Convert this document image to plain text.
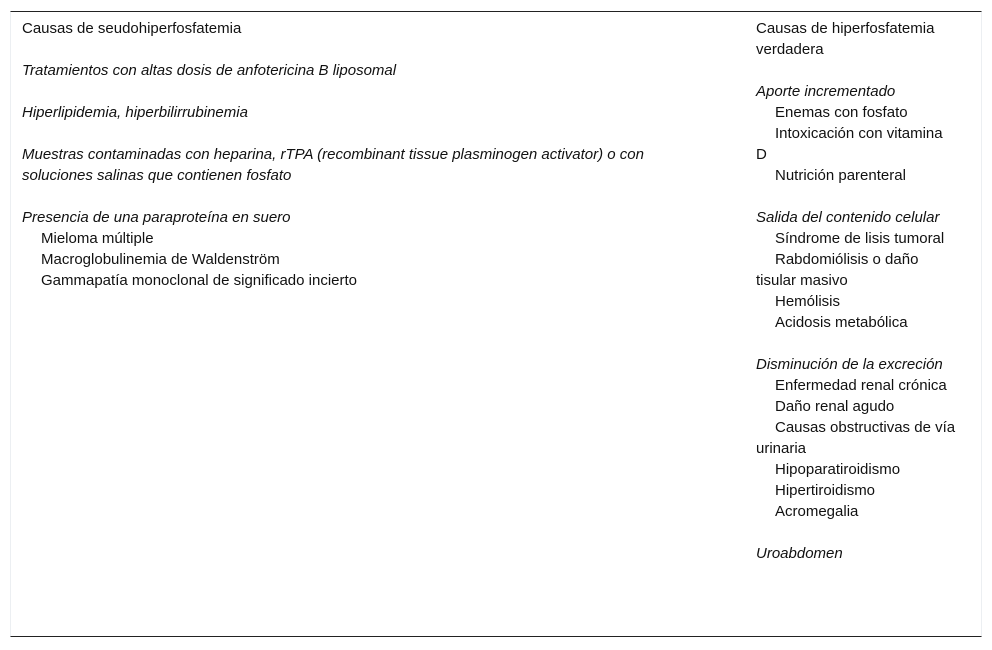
Causas de seudohiperfosfatemia
Tratamientos con altas dosis de anfotericina B liposomal
Hiperlipidemia, hiperbilirrubinemia
Muestras contaminadas con heparina, rTPA (recombinant tissue plasminogen activator) o con soluciones salinas que contienen fosfato
Presencia de una paraproteína en suero
Mieloma múltiple
Macroglobulinemia de Waldenström
Gammapatía monoclonal de significado incierto
Causas de hiperfosfatemia verdadera
Aporte incrementado
Enemas con fosfato
Intoxicación con vitamina D
Nutrición parenteral
Salida del contenido celular
Síndrome de lisis tumoral
Rabdomiólisis o daño tisular masivo
Hemólisis
Acidosis metabólica
Disminución de la excreción
Enfermedad renal crónica
Daño renal agudo
Causas obstructivas de vía urinaria
Hipoparatiroidismo
Hipertiroidismo
Acromegalia
Uroabdomen
